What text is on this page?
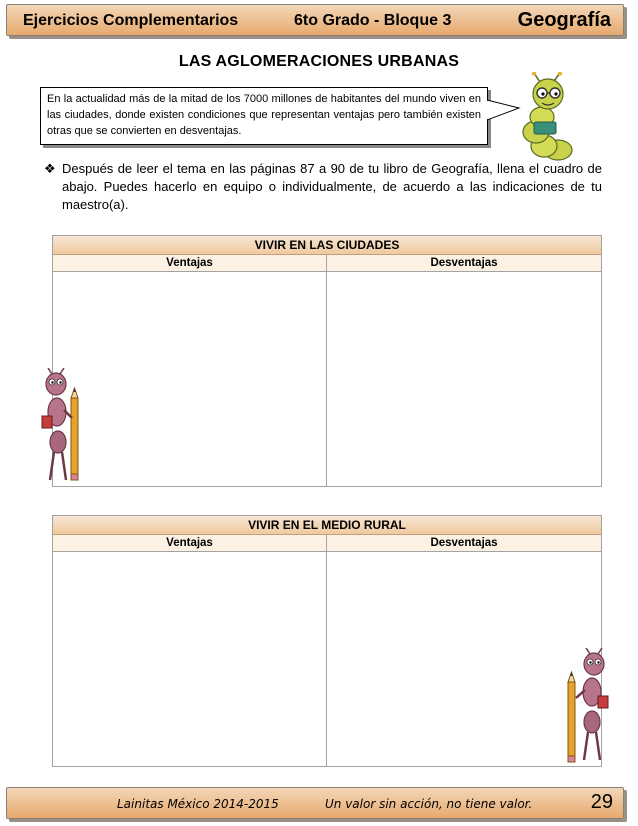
Ejercicios Complementarios	6to Grado - Bloque 3	Geografía
LAS AGLOMERACIONES URBANAS
En la actualidad más de la mitad de los 7000 millones de habitantes del mundo viven en las ciudades, donde existen condiciones que representan ventajas pero también existen otras que se convierten en desventajas.
❖ Después de leer el tema en las páginas 87 a 90 de tu libro de Geografía, llena el cuadro de abajo. Puedes hacerlo en equipo o individualmente, de acuerdo a las indicaciones de tu maestro(a).
VIVIR EN LAS CIUDADES
Ventajas	Desventajas
VIVIR EN EL MEDIO RURAL
Ventajas	Desventajas
Lainitas México 2014-2015	Un valor sin acción, no tiene valor.	29
